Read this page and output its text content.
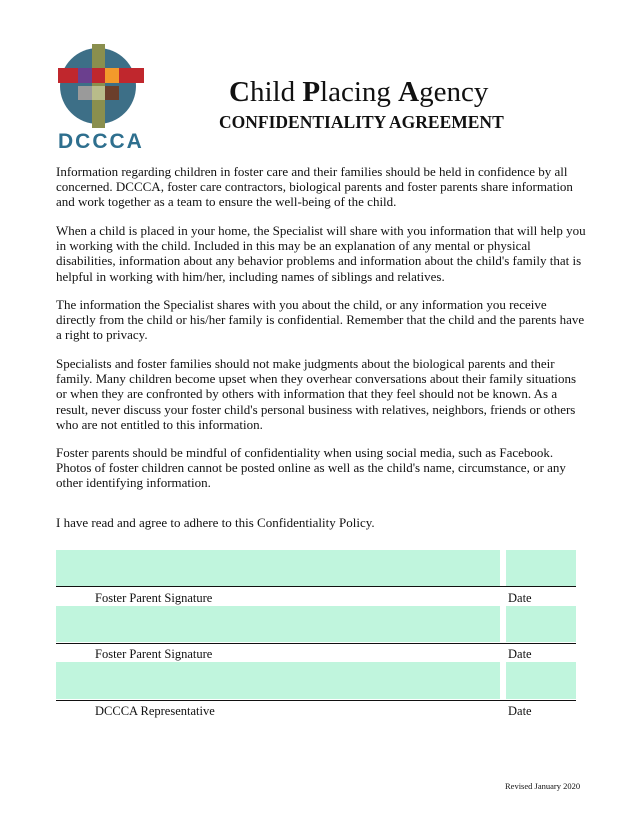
DCCCA
Child Placing Agency
CONFIDENTIALITY AGREEMENT

Information regarding children in foster care and their families should be held in confidence by all concerned. DCCCA, foster care contractors, biological parents and foster parents share information and work together as a team to ensure the well-being of the child.

When a child is placed in your home, the Specialist will share with you information that will help you in working with the child. Included in this may be an explanation of any mental or physical disabilities, information about any behavior problems and information about the child's family that is helpful in working with him/her, including names of siblings and relatives.

The information the Specialist shares with you about the child, or any information you receive directly from the child or his/her family is confidential. Remember that the child and the parents have a right to privacy.

Specialists and foster families should not make judgments about the biological parents and their family. Many children become upset when they overhear conversations about their family situations or when they are confronted by others with information that they feel should not be known. As a result, never discuss your foster child's personal business with relatives, neighbors, friends or others who are not entitled to this information.

Foster parents should be mindful of confidentiality when using social media, such as Facebook. Photos of foster children cannot be posted online as well as the child's name, circumstance, or any other identifying information.

I have read and agree to adhere to this Confidentiality Policy.

Foster Parent Signature	Date
Foster Parent Signature	Date
DCCCA Representative	Date
Revised January 2020
